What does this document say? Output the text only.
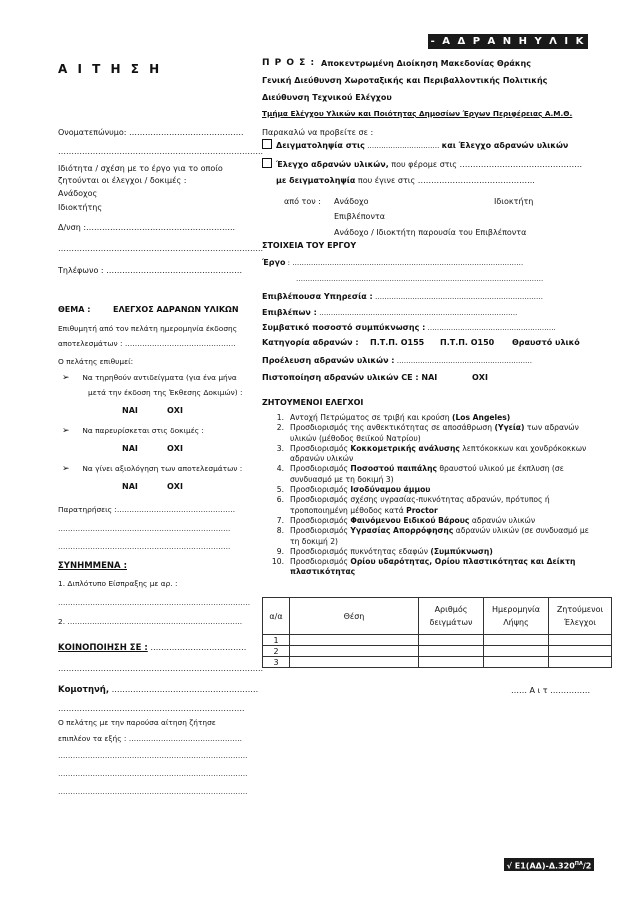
- Α Δ Ρ Α Ν Η Υ Λ Ι Κ Α -
Α Ι Τ Η Σ Η	Π Ρ Ο Σ : Αποκεντρωμένη Διοίκηση Μακεδονίας Θράκης
Γενική Διεύθυνση Χωροταξικής και Περιβαλλοντικής Πολιτικής
Διεύθυνση Τεχνικού Ελέγχου
Τμήμα Ελέγχου Υλικών και Ποιότητας Δημοσίων Έργων Περιφέρειας Α.Μ.Θ.
Ονοματεπώνυμο: …………………………………….
…………………………………………………………………..
Ιδιότητα / σχέση με το έργο για το οποίο
ζητούνται οι έλεγχοι / δοκιμές :
Ανάδοχος
Ιδιοκτήτης
Δ/νση :………………………………………………..
…………………………………………………………………..
Τηλέφωνο : ……………………………………………
ΘΕΜΑ :	ΕΛΕΓΧΟΣ ΑΔΡΑΝΩΝ ΥΛΙΚΩΝ
Επιθυμητή από τον πελάτη ημερομηνία έκδοσης
αποτελεσμάτων : ………………………………………
Ο πελάτης επιθυμεί:
➢ Να τηρηθούν αντιδείγματα (για ένα μήνα
μετά την έκδοση της Έκθεσης Δοκιμών) :
ΝΑΙ	ΟΧΙ
➢ Να παρευρίσκεται στις δοκιμές :
ΝΑΙ	ΟΧΙ
➢ Να γίνει αξιολόγηση των αποτελεσμάτων :
ΝΑΙ	ΟΧΙ
Παρατηρήσεις :…………………………………………
…………………………………………………………….
…………………………………………………………….
ΣΥΝΗΜΜΕΝΑ :
1. Διπλότυπο Είσπραξης με αρ. :
……………………………………………………………………
2. ……………………………………………………………..
ΚΟΙΝΟΠΟΙΗΣΗ ΣΕ : ………………………………
…………………………………………………………………..
Κομοτηνή, ……………………………………………….
…………………………………………………………….
Ο πελάτης με την παρούσα αίτηση ζήτησε
επιπλέον τα εξής : ……………………………………….
…………………………………………………………………..
…………………………………………………………………..
…………………………………………………………………..
Παρακαλώ να προβείτε σε :
Δειγματοληψία στις …………………………. και Έλεγχο αδρανών υλικών
Έλεγχο αδρανών υλικών, που φέρομε στις ……………………………………….
με δειγματοληψία που έγινε στις ……………………………………..
από τον : Ανάδοχο	Ιδιοκτήτη
Επιβλέποντα
Ανάδοχο / Ιδιοκτήτη παρουσία του Επιβλέποντα
ΣΤΟΙΧΕΙΑ ΤΟΥ ΕΡΓΟΥ
Έργο : ………………………………………………………………………………………
…………………………………………………………………………………………….
Επιβλέπουσα Υπηρεσία : ………………………………………………………………
Επιβλέπων : ………………………………………………………………………….
Συμβατικό ποσοστό συμπύκνωσης : ……………………………………………….
Κατηγορία αδρανών : Π.Τ.Π. Ο155 Π.Τ.Π. Ο150 Θραυστό υλικό
Προέλευση αδρανών υλικών : ………………………………………………….
Πιστοποίηση αδρανών υλικών CE : ΝΑΙ	ΟΧΙ
ΖΗΤΟΥΜΕΝΟΙ ΕΛΕΓΧΟΙ
1. Αντοχή Πετρώματος σε τριβή και κρούση (Los Angeles)
2. Προσδιορισμός της ανθεκτικότητας σε αποσάθρωση (Υγεία) των αδρανών
υλικών (μέθοδος θειϊκού Νατρίου)
3. Προσδιορισμός Κοκκομετρικής ανάλυσης λεπτόκοκκων και χονδρόκοκκων
αδρανών υλικών
4. Προσδιορισμός Ποσοστού παιπάλης θραυστού υλικού με έκπλυση (σε
συνδυασμό με τη δοκιμή 3)
5. Προσδιορισμός Ισοδύναμου άμμου
6. Προσδιορισμός σχέσης υγρασίας-πυκνότητας αδρανών, πρότυπος ή
τροποποιημένη μέθοδος κατά Proctor
7. Προσδιορισμός Φαινόμενου Ειδικού Βάρους αδρανών υλικών
8. Προσδιορισμός Υγρασίας Απορρόφησης αδρανών υλικών (σε συνδυασμό με
τη δοκιμή 2)
9. Προσδιορισμός πυκνότητας εδαφών (Συμπύκνωση)
10. Προσδιορισμός Ορίου υδαρότητας, Ορίου πλαστικότητας και Δείκτη
πλαστικότητας
α/α	Θέση	Αριθμός δειγμάτων	Ημερομηνία Λήψης	Ζητούμενοι Έλεγχοι
1				
2				
3				
…… Α ι τ ……………
√ $E1(A\Delta)-\Delta.320^{\Pi A}/2$
